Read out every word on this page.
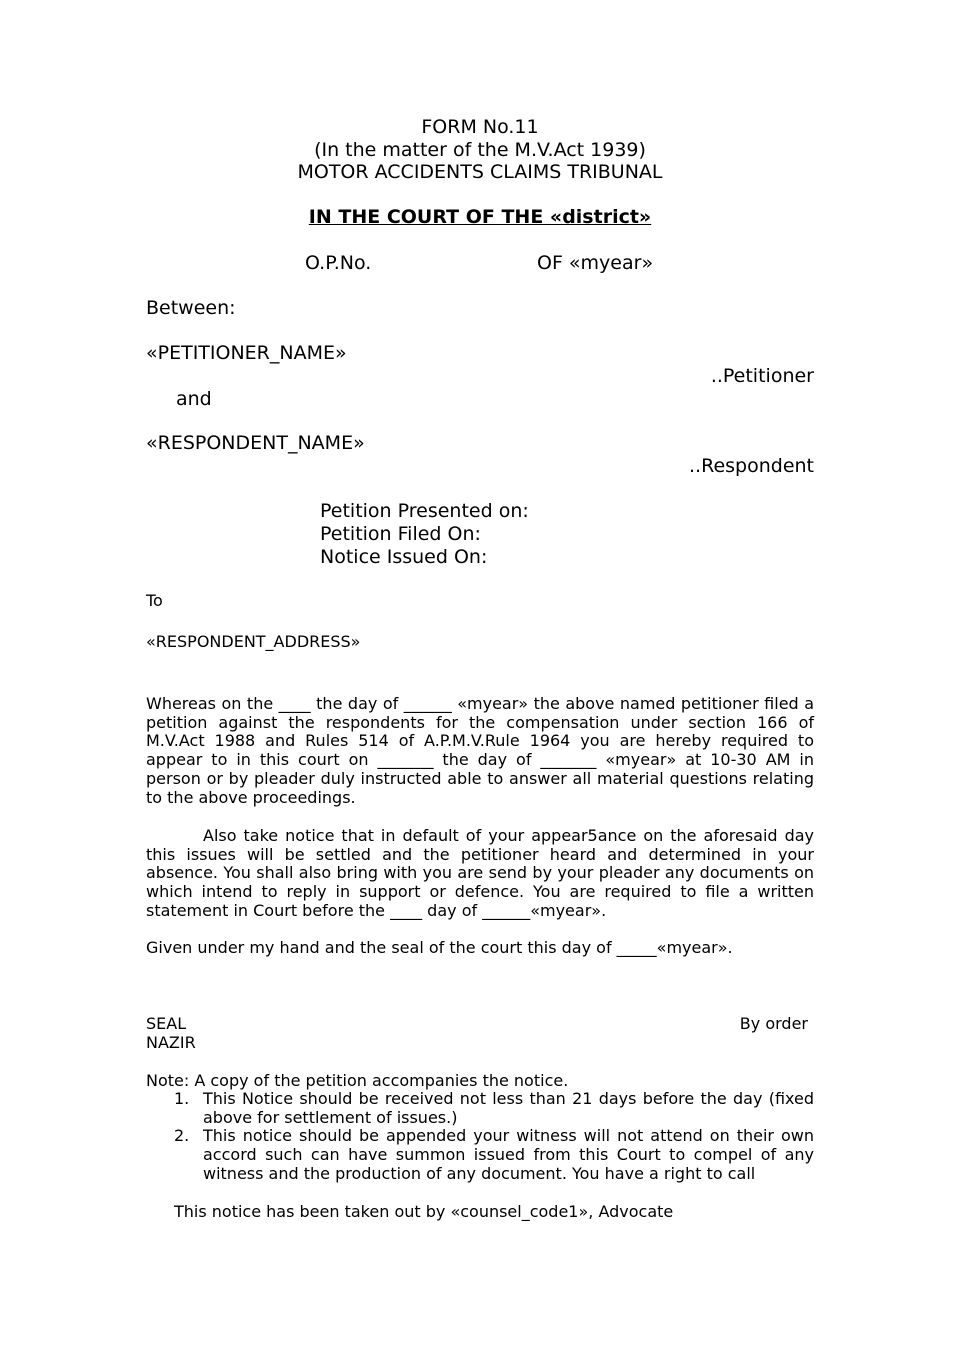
FORM No.11
(In the matter of the M.V.Act 1939)
MOTOR ACCIDENTS CLAIMS TRIBUNAL
IN THE COURT OF THE «district»
O.P.No.	OF «myear»
Between:
«PETITIONER_NAME»
..Petitioner
and
«RESPONDENT_NAME»
..Respondent
Petition Presented on:
Petition Filed On:
Notice Issued On:
To
«RESPONDENT_ADDRESS»
Whereas on the ____ the day of ______ «myear» the above named petitioner filed a petition against the respondents for the compensation under section 166 of M.V.Act 1988 and Rules 514 of A.P.M.V.Rule 1964 you are hereby required to appear to in this court on _______ the day of _______ «myear» at 10-30 AM in person or by pleader duly instructed able to answer all material questions relating to the above proceedings.
Also take notice that in default of your appear5ance on the aforesaid day this issues will be settled and the petitioner heard and determined in your absence. You shall also bring with you are send by your pleader any documents on which intend to reply in support or defence. You are required to file a written statement in Court before the ____ day of ______«myear».
Given under my hand and the seal of the court this day of _____«myear».
SEAL	By order
NAZIR
Note: A copy of the petition accompanies the notice.
1. This Notice should be received not less than 21 days before the day (fixed above for settlement of issues.)
2. This notice should be appended your witness will not attend on their own accord such can have summon issued from this Court to compel of any witness and the production of any document. You have a right to call
This notice has been taken out by «counsel_code1», Advocate
